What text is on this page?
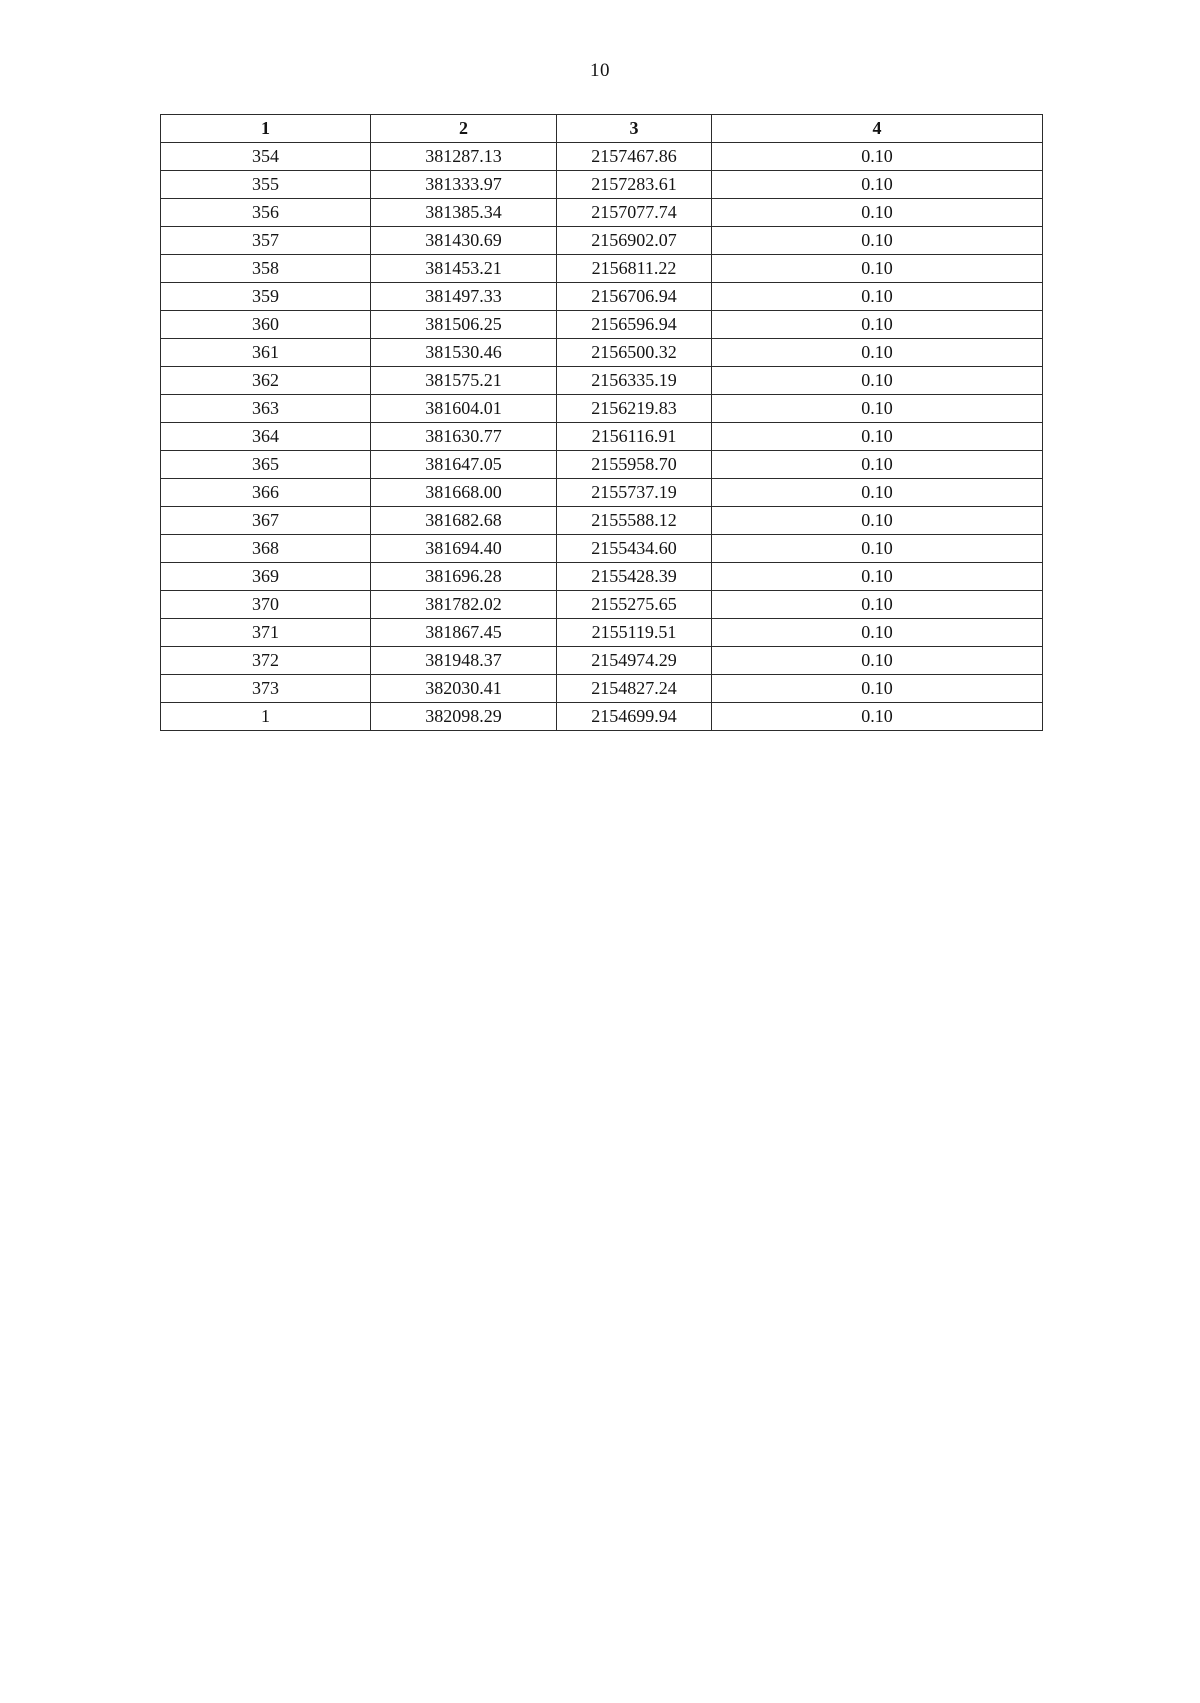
10
1	2	3	4
354	381287.13	2157467.86	0.10
355	381333.97	2157283.61	0.10
356	381385.34	2157077.74	0.10
357	381430.69	2156902.07	0.10
358	381453.21	2156811.22	0.10
359	381497.33	2156706.94	0.10
360	381506.25	2156596.94	0.10
361	381530.46	2156500.32	0.10
362	381575.21	2156335.19	0.10
363	381604.01	2156219.83	0.10
364	381630.77	2156116.91	0.10
365	381647.05	2155958.70	0.10
366	381668.00	2155737.19	0.10
367	381682.68	2155588.12	0.10
368	381694.40	2155434.60	0.10
369	381696.28	2155428.39	0.10
370	381782.02	2155275.65	0.10
371	381867.45	2155119.51	0.10
372	381948.37	2154974.29	0.10
373	382030.41	2154827.24	0.10
1	382098.29	2154699.94	0.10
